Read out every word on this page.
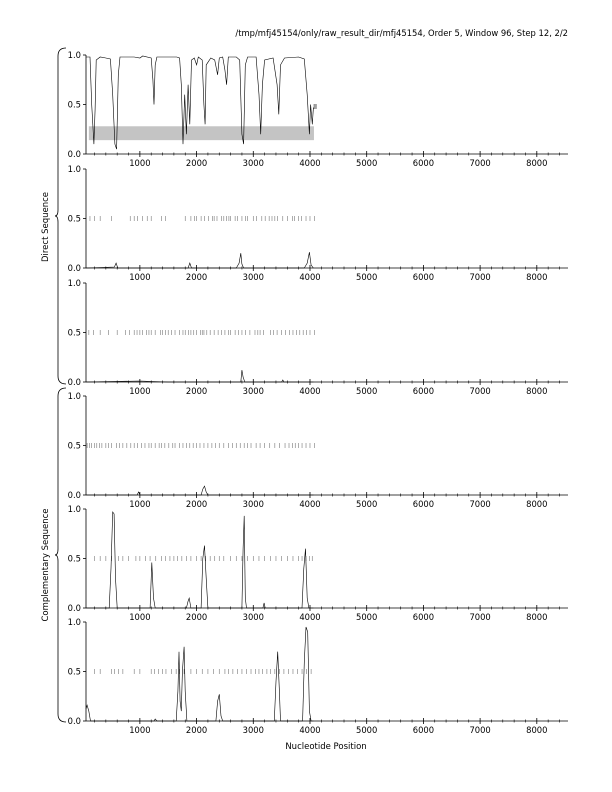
/tmp/mfj45154/only/raw_result_dir/mfj45154, Order 5, Window 96, Step 12, 2/2
0.0
0.5
1.0
1000	2000	3000	4000	5000	6000	7000	8000
0.0
0.5
1.0
1000	2000	3000	4000	5000	6000	7000	8000
0.0
0.5
1.0
1000	2000	3000	4000	5000	6000	7000	8000
0.0
0.5
1.0
1000	2000	3000	4000	5000	6000	7000	8000
0.0
0.5
1.0
1000	2000	3000	4000	5000	6000	7000	8000
0.0
0.5
1.0
1000	2000	3000	4000	5000	6000	7000	8000
Direct Sequence
Complementary Sequence
Nucleotide Position
